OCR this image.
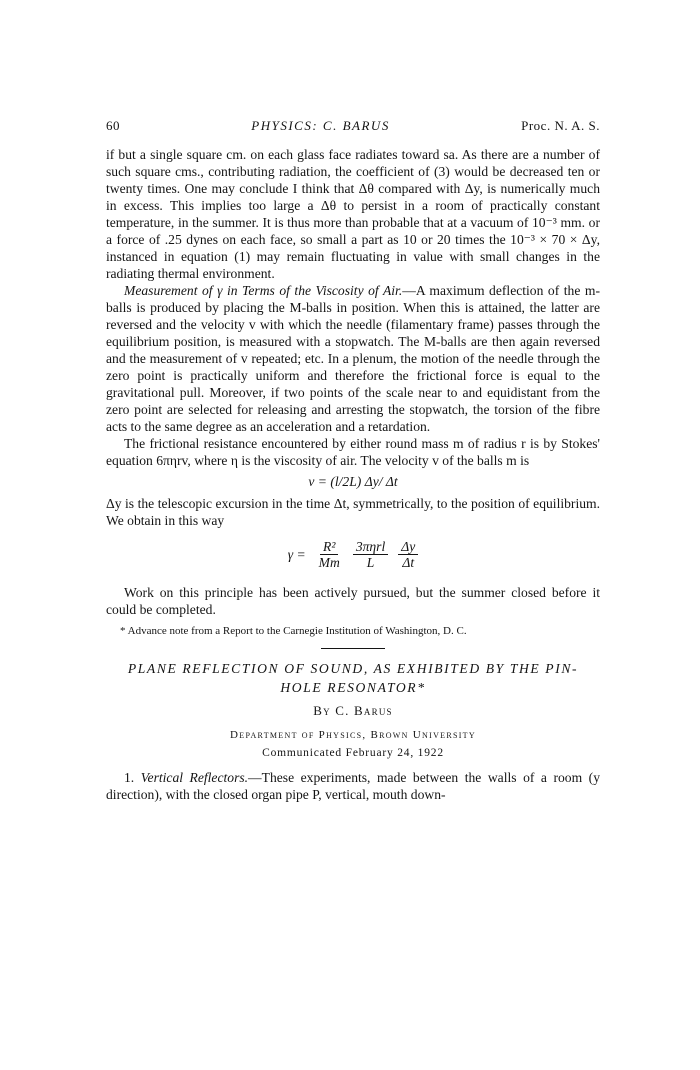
60	PHYSICS: C. BARUS	Proc. N. A. S.

if but a single square cm. on each glass face radiates toward sa. As there are a number of such square cms., contributing radiation, the coefficient of (3) would be decreased ten or twenty times. One may conclude I think that Δθ compared with Δy, is numerically much in excess. This implies too large a Δθ to persist in a room of practically constant temperature, in the summer. It is thus more than probable that at a vacuum of 10⁻³ mm. or a force of .25 dynes on each face, so small a part as 10 or 20 times the 10⁻³ × 70 × Δy, instanced in equation (1) may remain fluctuating in value with small changes in the radiating thermal environment.

Measurement of γ in Terms of the Viscosity of Air.—A maximum deflection of the m-balls is produced by placing the M-balls in position. When this is attained, the latter are reversed and the velocity v with which the needle (filamentary frame) passes through the equilibrium position, is measured with a stopwatch. The M-balls are then again reversed and the measurement of v repeated; etc. In a plenum, the motion of the needle through the zero point is practically uniform and therefore the frictional force is equal to the gravitational pull. Moreover, if two points of the scale near to and equidistant from the zero point are selected for releasing and arresting the stopwatch, the torsion of the fibre acts to the same degree as an acceleration and a retardation.

The frictional resistance encountered by either round mass m of radius r is by Stokes' equation 6πηrv, where η is the viscosity of air. The velocity v of the balls m is

v = (l/2L) Δy/ Δt

Δy is the telescopic excursion in the time Δt, symmetrically, to the position of equilibrium. We obtain in this way

$\gamma = \frac{\text{R²}}{Mm} \frac{\text{3πηrl}}{L} \frac{\Delta y}{\Delta t}$

Work on this principle has been actively pursued, but the summer closed before it could be completed.

* Advance note from a Report to the Carnegie Institution of Washington, D. C.
PLANE REFLECTION OF SOUND, AS EXHIBITED BY THE PIN-HOLE RESONATOR*
By C. Barus
Department of Physics, Brown University
Communicated February 24, 1922

1. Vertical Reflectors.—These experiments, made between the walls of a room (y direction), with the closed organ pipe P, vertical, mouth down-
